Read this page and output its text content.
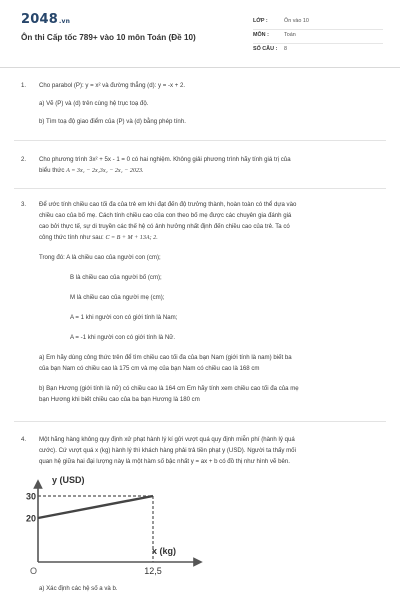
2048.vn
Ôn thi Cấp tốc 789+ vào 10 môn Toán (Đề 10)
LỚP :	Ôn vào 10
MÔN :	Toán
SỐ CÂU : 8
1. Cho parabol (P): y = x² và đường thẳng (d): y = -x + 2.
a) Vẽ (P) và (d) trên cùng hệ trục toạ độ.
b) Tìm toạ độ giao điểm của (P) và (d) bằng phép tính.
2. Cho phương trình 3x² + 5x - 1 = 0 có hai nghiệm. Không giải phương trình hãy tính giá trị của
biểu thức A = 3x₁ − 2x₁3x₂ − 2x₁ − 2023.
3. Để ước tính chiều cao tối đa của trẻ em khi đạt đến độ trưởng thành, hoàn toàn có thể dựa vào
chiều cao của bố mẹ. Cách tính chiều cao của con theo bố mẹ được các chuyên gia đánh giá
cao bởi thực tế, sự di truyền các thế hệ có ảnh hưởng nhất định đến chiều cao của trẻ. Ta có
công thức tính như sau: C = B + M + 13A; 2.
Trong đó: A là chiều cao của người con (cm);
B là chiều cao của người bố (cm);
M là chiều cao của người mẹ (cm);
A = 1 khi người con có giới tính là Nam;
A = -1 khi người con có giới tính là Nữ.
a) Em hãy dùng công thức trên để tìm chiều cao tối đa của bạn Nam (giới tính là nam) biết ba
của bạn Nam có chiều cao là 175 cm và mẹ của bạn Nam có chiều cao là 168 cm
b) Bạn Hương (giới tính là nữ) có chiều cao là 164 cm Em hãy tính xem chiều cao tối đa của mẹ
bạn Hương khi biết chiều cao của ba bạn Hương là 180 cm
4. Một hãng hàng không quy định xử phạt hành lý kí gửi vượt quá quy định miễn phí (hành lý quá
cước). Cứ vượt quá x (kg) hành lý thì khách hàng phải trả tiền phạt y (USD). Người ta thấy mối
quan hệ giữa hai đại lượng này là một hàm số bậc nhất y = ax + b có đồ thị như hình vẽ bên.
a) Xác định các hệ số a và b.
y (USD)
x (kg)
O
20
30
12,5
